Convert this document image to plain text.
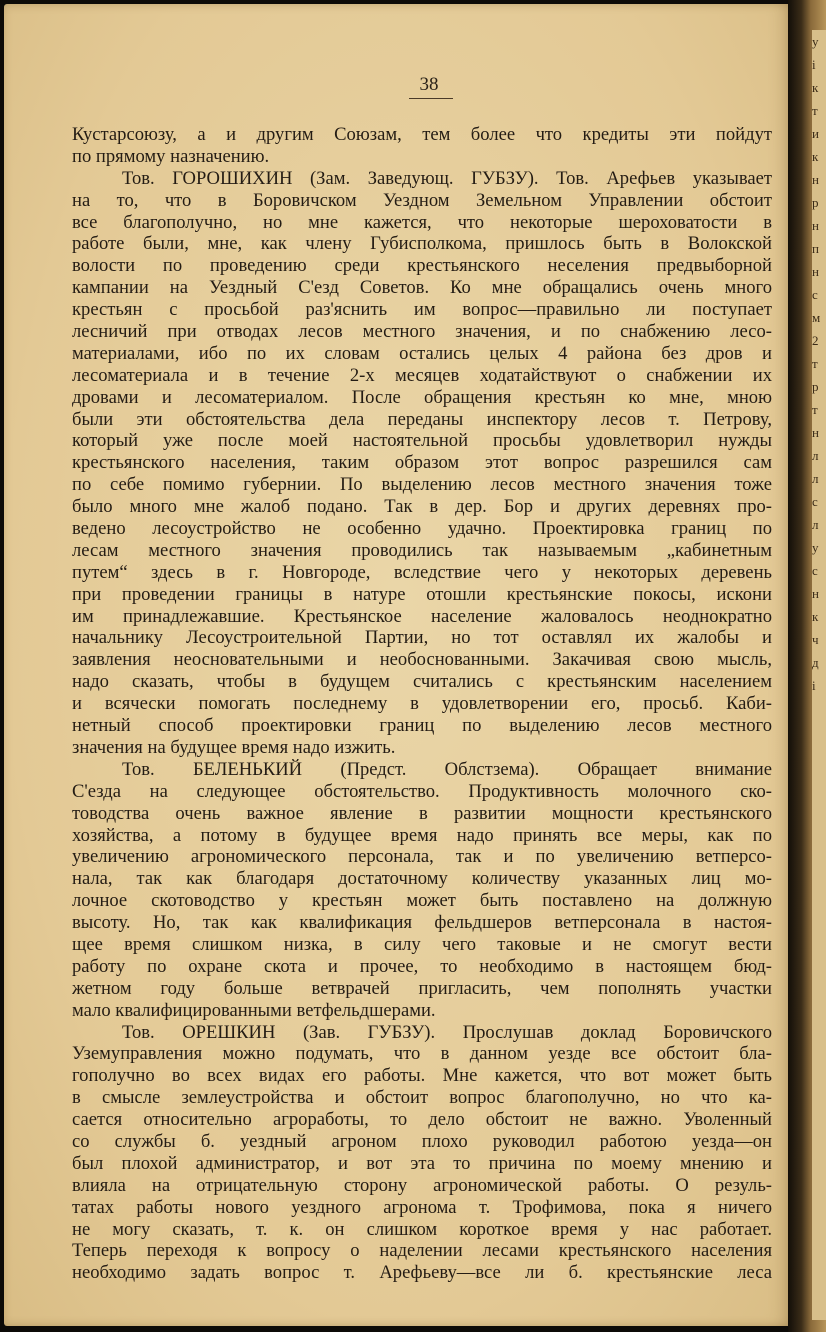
38
Кустарсоюзу, а и другим Союзам, тем более что кредиты эти пойдут
по прямому назначению.
Тов. ГОРОШИХИН (Зам. Заведующ. ГУБЗУ). Тов. Арефьев указывает
на то, что в Боровичском Уездном Земельном Управлении обстоит
все благополучно, но мне кажется, что некоторые шероховатости в
работе были, мне, как члену Губисполкома, пришлось быть в Волокской
волости по проведению среди крестьянского неселения предвыборной
кампании на Уездный С'езд Советов. Ко мне обращались очень много
крестьян с просьбой раз'яснить им вопрос—правильно ли поступает
лесничий при отводах лесов местного значения, и по снабжению лесо-
материалами, ибо по их словам остались целых 4 района без дров и
лесоматериала и в течение 2-х месяцев ходатайствуют о снабжении их
дровами и лесоматериалом. После обращения крестьян ко мне, мною
были эти обстоятельства дела переданы инспектору лесов т. Петрову,
который уже после моей настоятельной просьбы удовлетворил нужды
крестьянского населения, таким образом этот вопрос разрешился сам
по себе помимо губернии. По выделению лесов местного значения тоже
было много мне жалоб подано. Так в дер. Бор и других деревнях про-
ведено лесоустройство не особенно удачно. Проектировка границ по
лесам местного значения проводились так называемым „кабинетным
путем“ здесь в г. Новгороде, вследствие чего у некоторых деревень
при проведении границы в натуре отошли крестьянские покосы, искони
им принадлежавшие. Крестьянское население жаловалось неоднократно
начальнику Лесоустроительной Партии, но тот оставлял их жалобы и
заявления неосновательными и необоснованными. Закачивая свою мысль,
надо сказать, чтобы в будущем считались с крестьянским населением
и всячески помогать последнему в удовлетворении его, просьб. Каби-
нетный способ проектировки границ по выделению лесов местного
значения на будущее время надо изжить.
Тов. БЕЛЕНЬКИЙ (Предст. Облстзема). Обращает внимание
С'езда на следующее обстоятельство. Продуктивность молочного ско-
товодства очень важное явление в развитии мощности крестьянского
хозяйства, а потому в будущее время надо принять все меры, как по
увеличению агрономического персонала, так и по увеличению ветперсо-
нала, так как благодаря достаточному количеству указанных лиц мо-
лочное скотоводство у крестьян может быть поставлено на должную
высоту. Но, так как квалификация фельдшеров ветперсонала в настоя-
щее время слишком низка, в силу чего таковые и не смогут вести
работу по охране скота и прочее, то необходимо в настоящем бюд-
жетном году больше ветврачей пригласить, чем пополнять участки
мало квалифицированными ветфельдшерами.
Тов. ОРЕШКИН (Зав. ГУБЗУ). Прослушав доклад Боровичского
Уземуправления можно подумать, что в данном уезде все обстоит бла-
гополучно во всех видах его работы. Мне кажется, что вот может быть
в смысле землеустройства и обстоит вопрос благополучно, но что ка-
сается относительно агроработы, то дело обстоит не важно. Уволенный
со службы б. уездный агроном плохо руководил работою уезда—он
был плохой администратор, и вот эта то причина по моему мнению и
влияла на отрицательную сторону агрономической работы. О резуль-
татах работы нового уездного агронома т. Трофимова, пока я ничего
не могу сказать, т. к. он слишком короткое время у нас работает.
Теперь переходя к вопросу о наделении лесами крестьянского населения
необходимо задать вопрос т. Арефьеву—все ли б. крестьянские леса
у
і
к
т
и
к
н
р
н
п
н
с
м
2
т
р
т
н
л
л
с
л
у
с
н
к
ч
д
і
